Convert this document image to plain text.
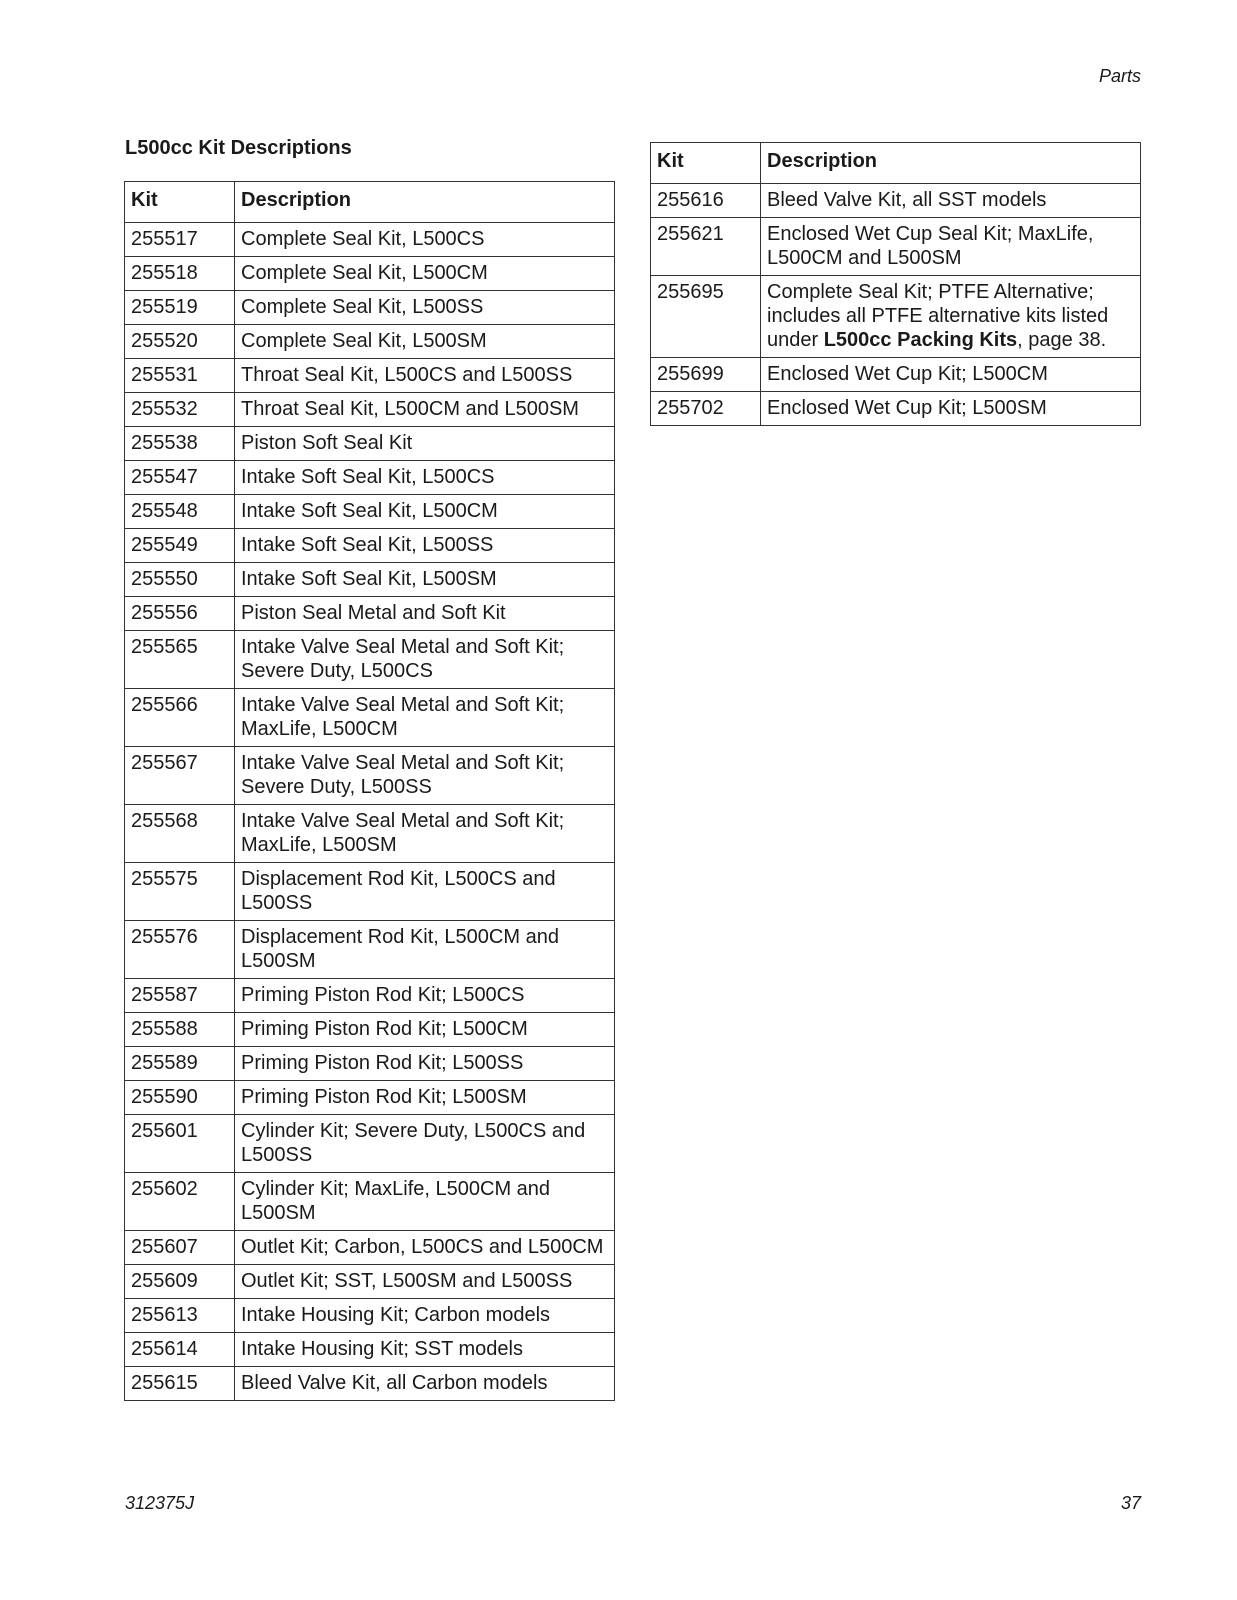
Parts
L500cc Kit Descriptions
Kit	Description
255517	Complete Seal Kit, L500CS
255518	Complete Seal Kit, L500CM
255519	Complete Seal Kit, L500SS
255520	Complete Seal Kit, L500SM
255531	Throat Seal Kit, L500CS and L500SS
255532	Throat Seal Kit, L500CM and L500SM
255538	Piston Soft Seal Kit
255547	Intake Soft Seal Kit, L500CS
255548	Intake Soft Seal Kit, L500CM
255549	Intake Soft Seal Kit, L500SS
255550	Intake Soft Seal Kit, L500SM
255556	Piston Seal Metal and Soft Kit
255565	Intake Valve Seal Metal and Soft Kit; Severe Duty, L500CS
255566	Intake Valve Seal Metal and Soft Kit; MaxLife, L500CM
255567	Intake Valve Seal Metal and Soft Kit; Severe Duty, L500SS
255568	Intake Valve Seal Metal and Soft Kit; MaxLife, L500SM
255575	Displacement Rod Kit, L500CS and L500SS
255576	Displacement Rod Kit, L500CM and L500SM
255587	Priming Piston Rod Kit; L500CS
255588	Priming Piston Rod Kit; L500CM
255589	Priming Piston Rod Kit; L500SS
255590	Priming Piston Rod Kit; L500SM
255601	Cylinder Kit; Severe Duty, L500CS and L500SS
255602	Cylinder Kit; MaxLife, L500CM and L500SM
255607	Outlet Kit; Carbon, L500CS and L500CM
255609	Outlet Kit; SST, L500SM and L500SS
255613	Intake Housing Kit; Carbon models
255614	Intake Housing Kit; SST models
255615	Bleed Valve Kit, all Carbon models
Kit	Description
255616	Bleed Valve Kit, all SST models
255621	Enclosed Wet Cup Seal Kit; MaxLife, L500CM and L500SM
255695	Complete Seal Kit; PTFE Alternative; includes all PTFE alternative kits listed under L500cc Packing Kits, page 38.
255699	Enclosed Wet Cup Kit; L500CM
255702	Enclosed Wet Cup Kit; L500SM
312375J	37
